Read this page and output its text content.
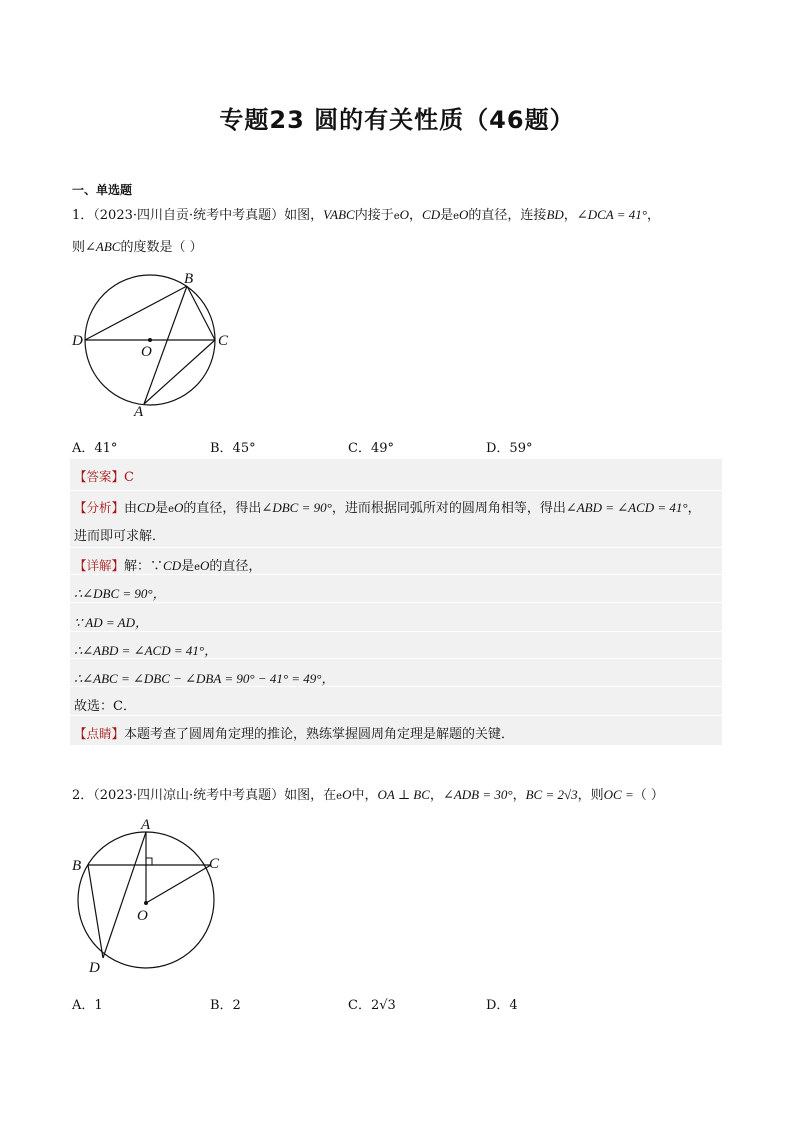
专题23 圆的有关性质（46题）
一、单选题
1．（2023·四川自贡·统考中考真题）如图，VABC内接于eO，CD是eO的直径，连接BD，∠DCA = 41°，
则∠ABC的度数是（ ）
B
D
O
C
A
A．41°	B．45°	C．49°	D．59°
【答案】C
【分析】由CD是eO的直径，得出∠DBC = 90°，进而根据同弧所对的圆周角相等，得出∠ABD = ∠ACD = 41°，
进而即可求解．
【详解】解：∵CD是eO的直径，
∴∠DBC = 90°，
∵ AD = AD，
∴∠ABD = ∠ACD = 41°，
∴∠ABC = ∠DBC − ∠DBA = 90° − 41° = 49°，
故选：C．
【点睛】本题考查了圆周角定理的推论，熟练掌握圆周角定理是解题的关键．
2．（2023·四川凉山·统考中考真题）如图，在eO中，OA ⊥ BC，∠ADB = 30°，BC = 2√3，则OC =（ ）
A
B	C
O
D
A．1	B．2	C．2√3	D．4
